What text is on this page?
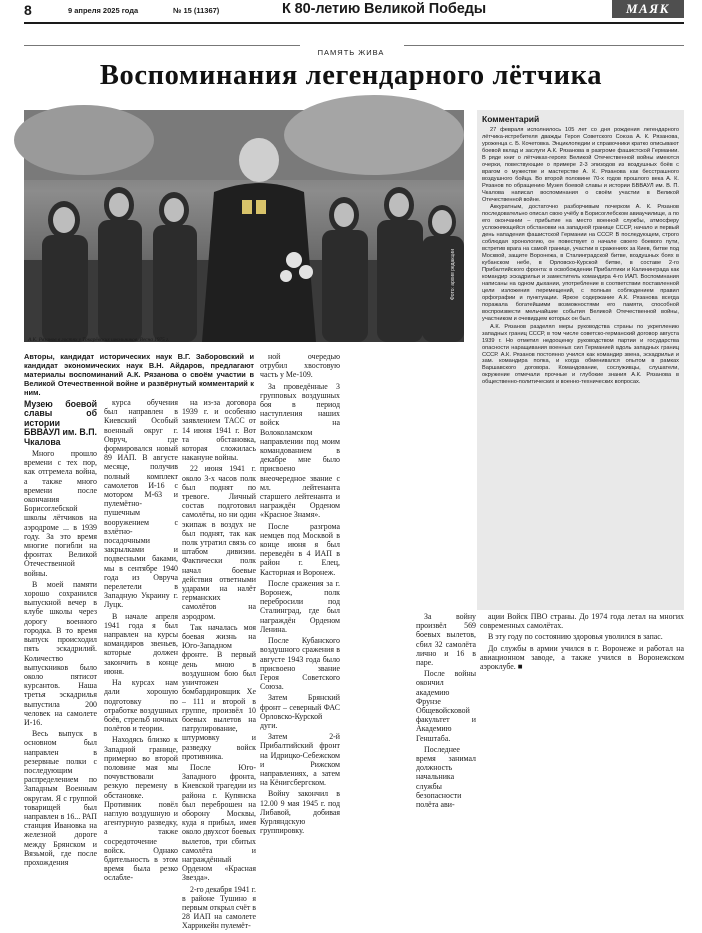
8	9 апреля 2025 года	№ 15 (11367)	К 80-летию Великой Победы	МАЯК
ПАМЯТЬ ЖИВА
Воспоминания легендарного лётчика
Фото: архив редакции
А.К. Рязанов в гостях у Токарёвских школьников. Весна 1975 г.
Комментарий

27 февраля исполнилось 105 лет со дня рождения легендарного лётчика-истребителя дважды Героя Советского Союза А. К. Рязанова, уроженца с. Б. Кочетовка. Энциклопедии и справочники кратко описывают боевой вклад и заслуги А.К. Рязанова в разгроме фашистской Германии. В ряде книг о лётчиках-героях Великой Отечественной войны имеются очерки, повествующие о примере 2-3 эпизодов из воздушных боёв с врагом о мужестве и мастерстве А. К. Рязанова как бесстрашного воздушного бойца. Во второй половине 70-х годов прошлого века А. К. Рязанов по обращению Музея боевой славы и истории БВВАУЛ им. В. П. Чкалова написал воспоминания о своём участии в Великой Отечественной войне.

Аккуратным, достаточно разборчивым почерком А. К. Рязанов последовательно описал свою учёбу в Борисоглебском авиаучилище, а по его окончании – прибытие на место военной службы, атмосферу усложняющейся обстановки на западной границе СССР, начало и первый день нападения фашистской Германии на СССР. В последующем, строго соблюдая хронологию, он повествует о начале своего боевого пути, встретив врага на самой границе, участии в сражениях за Киев, битве под Москвой, защите Воронежа, в Сталинградской битве, воздушных боях в кубанском небе, в Орловско-Курской битве, в составе 2-го Прибалтийского фронта: в освобождении Прибалтики и Калининграда как командир эскадрильи и заместитель командира 4-го ИАП. Воспоминания написаны на одном дыхании, употребление в соответствии поставленной цели изложения перемещений, с полным соблюдением правил орфографии и пунктуации. Яркое содержание А.К. Рязанова всегда поражала богатейшими возможностями его памяти, способной воспроизвести мельчайшие события Великой Отечественной войны, участником и очевидцем которых он был.

А.К. Рязанов разделял меры руководства страны по укреплению западных границ СССР, в том числе советско-германский договор августа 1939 г. Но отметил недооценку руководством партии и государства опасности наращивания военных сил Германией вдоль западных границ СССР. А.К. Рязанов постоянно учился как командир звена, эскадрильи и зам. командира полка, и когда обменивался опытом в рамках Варшавского договора. Командование, сослуживцы, слушатели, окружение отмечали прочные и глубокие знания А.К. Рязанова в общественно-политических и военно-технических вопросах.

Авторы, кандидат исторических наук В.Г. Заборовский и кандидат экономических наук В.Н. Айдаров, предлагают материалы воспоминаний А.К. Рязанова о своём участии в Великой Отечественной войне и развёрнутый комментарий к ним.
Музею боевой славы об истории БВВАУЛ им. В.П. Чкалова

Много прошло времени с тех пор, как отгремела война, а также много времени после окончания Борисоглебской школы лётчиков на аэродроме ... в 1939 году. За это время многие погибли на фронтах Великой Отечественной войны.

В моей памяти хорошо сохранился выпускной вечер в клубе школы через дорогу военного городка. В то время выпуск происходил пять эскадрилий. Количество выпускников было около пятисот курсантов. Наша третья эскадрилья выпустила 200 человек на самолете И-16.

Весь выпуск в основном был направлен в резервные полки с последующим распределением по Западным Военным округам. Я с группой товарищей был направлен в 16... РАП станция Ивановка на железной дороге между Брянском и Вязьмой, где после прохождения

курса обучения был направлен в Киевский Особый военный округ г. Овруч, где формировался новый 89 ИАП. В августе месяце, получив полный комплект самолетов И-16 с мотором М-63 и пулемётно-пушечным вооружением с взлётно-посадочными закрылками и подвесными баками, мы в сентябре 1940 года из Овруча перелетели в Западную Украину г. Луцк.

В начале апреля 1941 года я был направлен на курсы командиров звеньев, которые должен закончить в конце июня.

На курсах нам дали хорошую подготовку по отработке воздушных боёв, стрельб ночных полётов и теории.

Находясь близко к Западной границе, примерно во второй половине мая мы почувствовали резкую перемену в обстановке. Противник повёл наглую воздушную и агентурную разведку, а также сосредоточение войск. Однако бдительность в этом время была резко ослабле-

на из-за договора 1939 г. и особенно заявлением ТАСС от 14 июня 1941 г. Вот та обстановка, которая сложилась накануне войны.

22 июня 1941 г. около 3-х часов полк был поднят по тревоге. Личный состав подготовил самолёты, но ни один экипаж в воздух не был поднят, так как полк утратил связь со штабом дивизии. Фактически полк начал боевые действия ответными ударами на налёт германских самолётов на аэродром.

Так началась моя боевая жизнь на Юго-Западном фронте. В первый день мною в воздушном бою был уничтожен бомбардировщик Хе – 111 и второй в группе, произвёл 10 боевых вылетов на патрулирование, штурмовку и разведку войск противника.

После Юго-Западного фронта, Киевской трагедии из района г. Купянска был переброшен на оборону Москвы, куда я прибыл, имея около двухсот боевых вылетов, три сбитых самолёта и награждённый Орденом «Красная Звезда».

2-го декабря 1941 г. в районе Тушино я первым открыл счёт в 28 ИАП на самолете Харрикейн пулемёт-

ной очередью отрубил хвостовую часть у Ме-109.

За проведённые 3 групповых воздушных боя в период наступления наших войск на Волоколамском направлении под моим командованием в декабре мне было присвоено внеочередное звание с мл. лейтенанта старшего лейтенанта и награждён Орденом «Красное Знамя».

После разгрома немцев под Москвой в конце июня я был переведён в 4 ИАП в район г. Елец, Касторная и Воронеж.

После сражения за г. Воронеж, полк перебросили под Сталинград, где был награждён Орденом Ленина.

После Кубанского воздушного сражения в августе 1943 года было присвоено звание Героя Советского Союза.

Затем Брянский фронт – северный ФАС Орловско-Курской дуги.

Затем 2-й Прибалтийский фронт на Идрицко-Себежском и Рижском направлениях, а затем на Кёнигсбергском.

Войну закончил в 12.00 9 мая 1945 г. под Либавой, добивая Курляндскую группировку.

За войну произвёл 569 боевых вылетов, сбил 32 самолёта лично и 16 в паре.

После войны окончил академию Фрунзе Общевойсковой факультет и Академию Генштаба.

Последнее время занимал должность начальника службы безопасности полёта ави-

ации Войск ПВО страны. До 1974 года летал на многих современных самолётах.

В эту году по состоянию здоровья уволился в запас.

До службы в армии учился в г. Воронеже и работал на авиационном заводе, а также учился в Воронежском аэроклубе. ■
